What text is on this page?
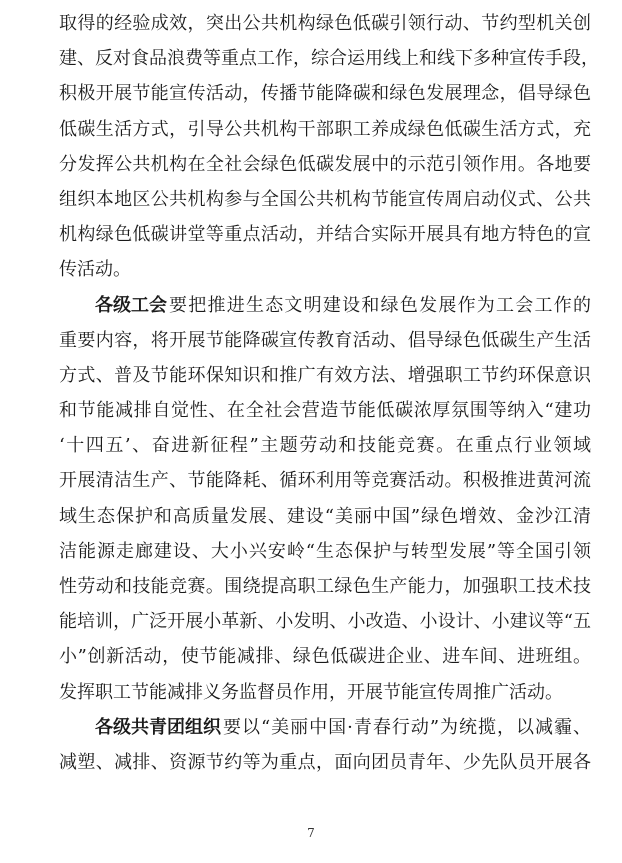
取得的经验成效，突出公共机构绿色低碳引领行动、节约型机关创
建、反对食品浪费等重点工作，综合运用线上和线下多种宣传手段，
积极开展节能宣传活动，传播节能降碳和绿色发展理念，倡导绿色
低碳生活方式，引导公共机构干部职工养成绿色低碳生活方式，充
分发挥公共机构在全社会绿色低碳发展中的示范引领作用。各地要
组织本地区公共机构参与全国公共机构节能宣传周启动仪式、公共
机构绿色低碳讲堂等重点活动，并结合实际开展具有地方特色的宣
传活动。
各级工会 要把推进生态文明建设和绿色发展作为工会工作的
重要内容，将开展节能降碳宣传教育活动、倡导绿色低碳生产生活
方式、普及节能环保知识和推广有效方法、增强职工节约环保意识
和节能减排自觉性、在全社会营造节能低碳浓厚氛围等纳入“建功
‘十四五’、奋进新征程”主题劳动和技能竞赛。在重点行业领域
开展清洁生产、节能降耗、循环利用等竞赛活动。积极推进黄河流
域生态保护和高质量发展、建设“美丽中国”绿色增效、金沙江清
洁能源走廊建设、大小兴安岭“生态保护与转型发展”等全国引领
性劳动和技能竞赛。围绕提高职工绿色生产能力，加强职工技术技
能培训，广泛开展小革新、小发明、小改造、小设计、小建议等“五
小”创新活动，使节能减排、绿色低碳进企业、进车间、进班组。
发挥职工节能减排义务监督员作用，开展节能宣传周推广活动。
各级共青团组织 要以“美丽中国·青春行动”为统揽，以减霾、
减塑、减排、资源节约等为重点，面向团员青年、少先队员开展各
7
